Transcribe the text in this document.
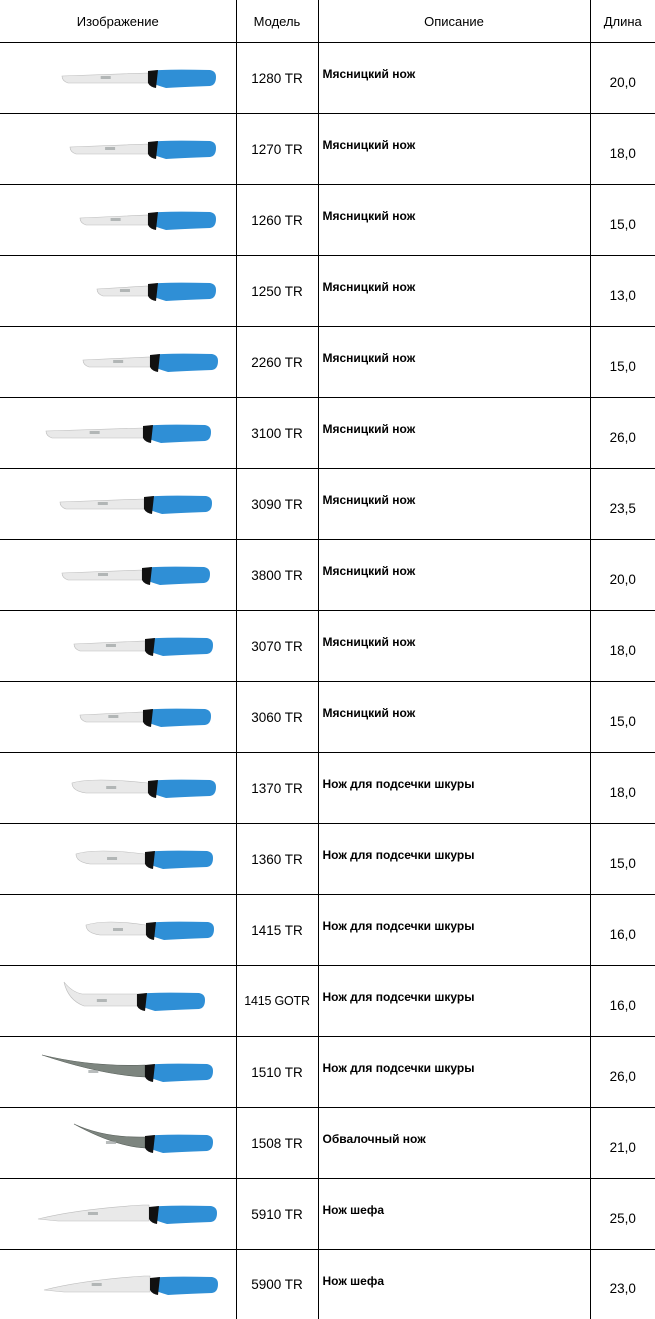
Изображение	Модель	Описание	Длина

	1280 TR	Мясницкий нож	20,0

	1270 TR	Мясницкий нож	18,0

	1260 TR	Мясницкий нож	15,0

	1250 TR	Мясницкий нож	13,0

	2260 TR	Мясницкий нож	15,0

	3100 TR	Мясницкий нож	26,0

	3090 TR	Мясницкий нож	23,5

	3800 TR	Мясницкий нож	20,0

	3070 TR	Мясницкий нож	18,0

	3060 TR	Мясницкий нож	15,0

	1370 TR	Нож для подсечки шкуры	18,0

	1360 TR	Нож для подсечки шкуры	15,0

	1415 TR	Нож для подсечки шкуры	16,0

	1415 GOTR	Нож для подсечки шкуры	16,0

	1510 TR	Нож для подсечки шкуры	26,0

	1508 TR	Обвалочный нож	21,0

	5910 TR	Нож шефа	25,0

	5900 TR	Нож шефа	23,0
